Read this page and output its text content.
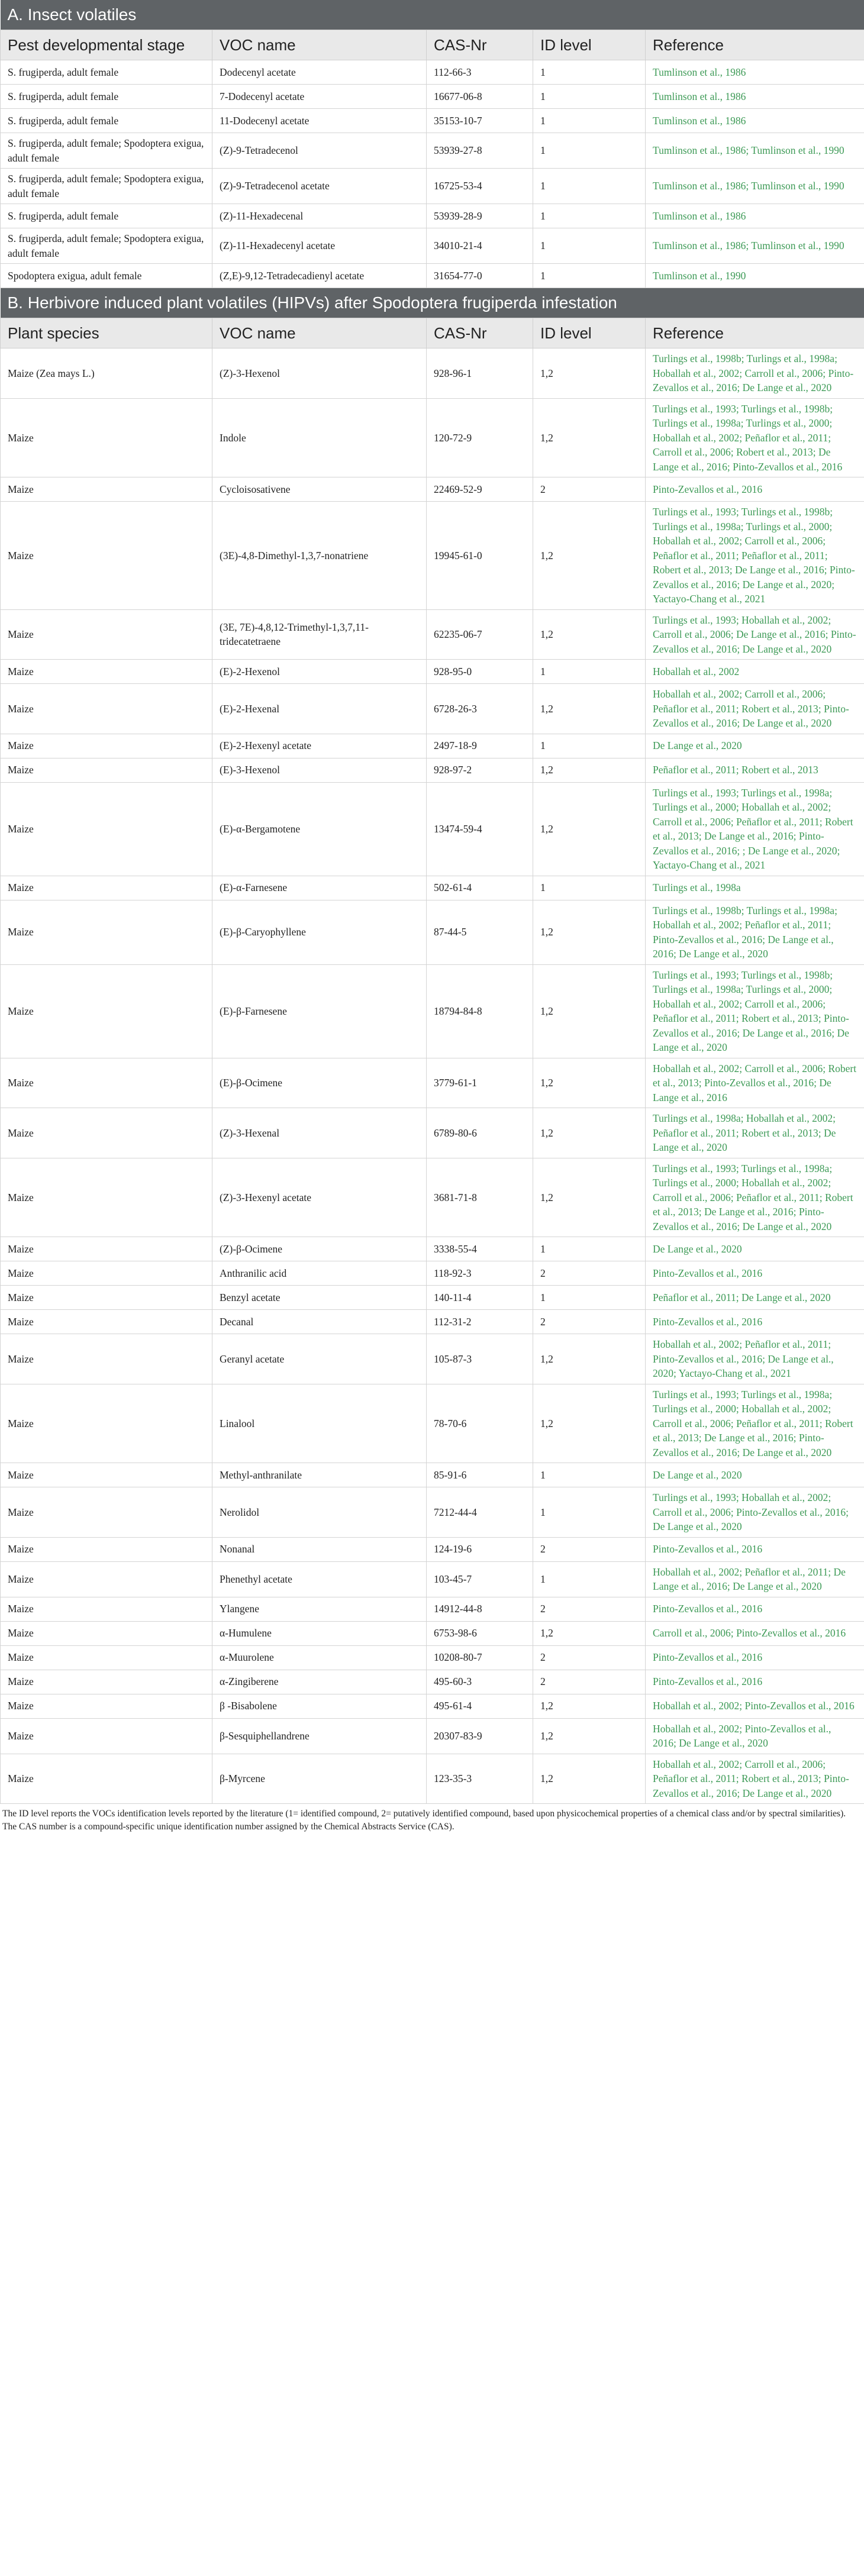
A. Insect volatiles				
Pest developmental stage	VOC name	CAS-Nr	ID level	Reference
S. frugiperda, adult female	Dodecenyl acetate	112-66-3	1	Tumlinson et al., 1986
S. frugiperda, adult female	7-Dodecenyl acetate	16677-06-8	1	Tumlinson et al., 1986
S. frugiperda, adult female	11-Dodecenyl acetate	35153-10-7	1	Tumlinson et al., 1986
S. frugiperda, adult female; Spodoptera exigua, adult female	(Z)-9-Tetradecenol	53939-27-8	1	Tumlinson et al., 1986; Tumlinson et al., 1990
S. frugiperda, adult female; Spodoptera exigua, adult female	(Z)-9-Tetradecenol acetate	16725-53-4	1	Tumlinson et al., 1986; Tumlinson et al., 1990
S. frugiperda, adult female	(Z)-11-Hexadecenal	53939-28-9	1	Tumlinson et al., 1986
S. frugiperda, adult female; Spodoptera exigua, adult female	(Z)-11-Hexadecenyl acetate	34010-21-4	1	Tumlinson et al., 1986; Tumlinson et al., 1990
Spodoptera exigua, adult female	(Z,E)-9,12-Tetradecadienyl acetate	31654-77-0	1	Tumlinson et al., 1990
B. Herbivore induced plant volatiles (HIPVs) after Spodoptera frugiperda infestation				
Plant species	VOC name	CAS-Nr	ID level	Reference
Maize (Zea mays L.)	(Z)-3-Hexenol	928-96-1	1,2	Turlings et al., 1998b; Turlings et al., 1998a; Hoballah et al., 2002; Carroll et al., 2006; Pinto-Zevallos et al., 2016; De Lange et al., 2020
Maize	Indole	120-72-9	1,2	Turlings et al., 1993; Turlings et al., 1998b; Turlings et al., 1998a; Turlings et al., 2000; Hoballah et al., 2002; Peñaflor et al., 2011; Carroll et al., 2006; Robert et al., 2013; De Lange et al., 2016; Pinto-Zevallos et al., 2016
Maize	Cycloisosativene	22469-52-9	2	Pinto-Zevallos et al., 2016
Maize	(3E)-4,8-Dimethyl-1,3,7-nonatriene	19945-61-0	1,2	Turlings et al., 1993; Turlings et al., 1998b; Turlings et al., 1998a; Turlings et al., 2000; Hoballah et al., 2002; Carroll et al., 2006; Peñaflor et al., 2011; Peñaflor et al., 2011; Robert et al., 2013; De Lange et al., 2016; Pinto-Zevallos et al., 2016; De Lange et al., 2020; Yactayo-Chang et al., 2021
Maize	(3E, 7E)-4,8,12-Trimethyl-1,3,7,11-tridecatetraene	62235-06-7	1,2	Turlings et al., 1993; Hoballah et al., 2002; Carroll et al., 2006; De Lange et al., 2016; Pinto-Zevallos et al., 2016; De Lange et al., 2020
Maize	(E)-2-Hexenol	928-95-0	1	Hoballah et al., 2002
Maize	(E)-2-Hexenal	6728-26-3	1,2	Hoballah et al., 2002; Carroll et al., 2006; Peñaflor et al., 2011; Robert et al., 2013; Pinto-Zevallos et al., 2016; De Lange et al., 2020
Maize	(E)-2-Hexenyl acetate	2497-18-9	1	De Lange et al., 2020
Maize	(E)-3-Hexenol	928-97-2	1,2	Peñaflor et al., 2011; Robert et al., 2013
Maize	(E)-α-Bergamotene	13474-59-4	1,2	Turlings et al., 1993; Turlings et al., 1998a; Turlings et al., 2000; Hoballah et al., 2002; Carroll et al., 2006; Peñaflor et al., 2011; Robert et al., 2013; De Lange et al., 2016; Pinto-Zevallos et al., 2016; ; De Lange et al., 2020; Yactayo-Chang et al., 2021
Maize	(E)-α-Farnesene	502-61-4	1	Turlings et al., 1998a
Maize	(E)-β-Caryophyllene	87-44-5	1,2	Turlings et al., 1998b; Turlings et al., 1998a; Hoballah et al., 2002; Peñaflor et al., 2011; Pinto-Zevallos et al., 2016; De Lange et al., 2016; De Lange et al., 2020
Maize	(E)-β-Farnesene	18794-84-8	1,2	Turlings et al., 1993; Turlings et al., 1998b; Turlings et al., 1998a; Turlings et al., 2000; Hoballah et al., 2002; Carroll et al., 2006; Peñaflor et al., 2011; Robert et al., 2013; Pinto-Zevallos et al., 2016; De Lange et al., 2016; De Lange et al., 2020
Maize	(E)-β-Ocimene	3779-61-1	1,2	Hoballah et al., 2002; Carroll et al., 2006; Robert et al., 2013; Pinto-Zevallos et al., 2016; De Lange et al., 2016
Maize	(Z)-3-Hexenal	6789-80-6	1,2	Turlings et al., 1998a; Hoballah et al., 2002; Peñaflor et al., 2011; Robert et al., 2013; De Lange et al., 2020
Maize	(Z)-3-Hexenyl acetate	3681-71-8	1,2	Turlings et al., 1993; Turlings et al., 1998a; Turlings et al., 2000; Hoballah et al., 2002; Carroll et al., 2006; Peñaflor et al., 2011; Robert et al., 2013; De Lange et al., 2016; Pinto-Zevallos et al., 2016; De Lange et al., 2020
Maize	(Z)-β-Ocimene	3338-55-4	1	De Lange et al., 2020
Maize	Anthranilic acid	118-92-3	2	Pinto-Zevallos et al., 2016
Maize	Benzyl acetate	140-11-4	1	Peñaflor et al., 2011; De Lange et al., 2020
Maize	Decanal	112-31-2	2	Pinto-Zevallos et al., 2016
Maize	Geranyl acetate	105-87-3	1,2	Hoballah et al., 2002; Peñaflor et al., 2011; Pinto-Zevallos et al., 2016; De Lange et al., 2020; Yactayo-Chang et al., 2021
Maize	Linalool	78-70-6	1,2	Turlings et al., 1993; Turlings et al., 1998a; Turlings et al., 2000; Hoballah et al., 2002; Carroll et al., 2006; Peñaflor et al., 2011; Robert et al., 2013; De Lange et al., 2016; Pinto-Zevallos et al., 2016; De Lange et al., 2020
Maize	Methyl-anthranilate	85-91-6	1	De Lange et al., 2020
Maize	Nerolidol	7212-44-4	1	Turlings et al., 1993; Hoballah et al., 2002; Carroll et al., 2006; Pinto-Zevallos et al., 2016; De Lange et al., 2020
Maize	Nonanal	124-19-6	2	Pinto-Zevallos et al., 2016
Maize	Phenethyl acetate	103-45-7	1	Hoballah et al., 2002; Peñaflor et al., 2011; De Lange et al., 2016; De Lange et al., 2020
Maize	Ylangene	14912-44-8	2	Pinto-Zevallos et al., 2016
Maize	α-Humulene	6753-98-6	1,2	Carroll et al., 2006; Pinto-Zevallos et al., 2016
Maize	α-Muurolene	10208-80-7	2	Pinto-Zevallos et al., 2016
Maize	α-Zingiberene	495-60-3	2	Pinto-Zevallos et al., 2016
Maize	β -Bisabolene	495-61-4	1,2	Hoballah et al., 2002; Pinto-Zevallos et al., 2016
Maize	β-Sesquiphellandrene	20307-83-9	1,2	Hoballah et al., 2002; Pinto-Zevallos et al., 2016; De Lange et al., 2020
Maize	β-Myrcene	123-35-3	1,2	Hoballah et al., 2002; Carroll et al., 2006; Peñaflor et al., 2011; Robert et al., 2013; Pinto-Zevallos et al., 2016; De Lange et al., 2020
The ID level reports the VOCs identification levels reported by the literature (1= identified compound, 2= putatively identified compound, based upon physicochemical properties of a chemical class and/or by spectral similarities). The CAS number is a compound-specific unique identification number assigned by the Chemical Abstracts Service (CAS).
